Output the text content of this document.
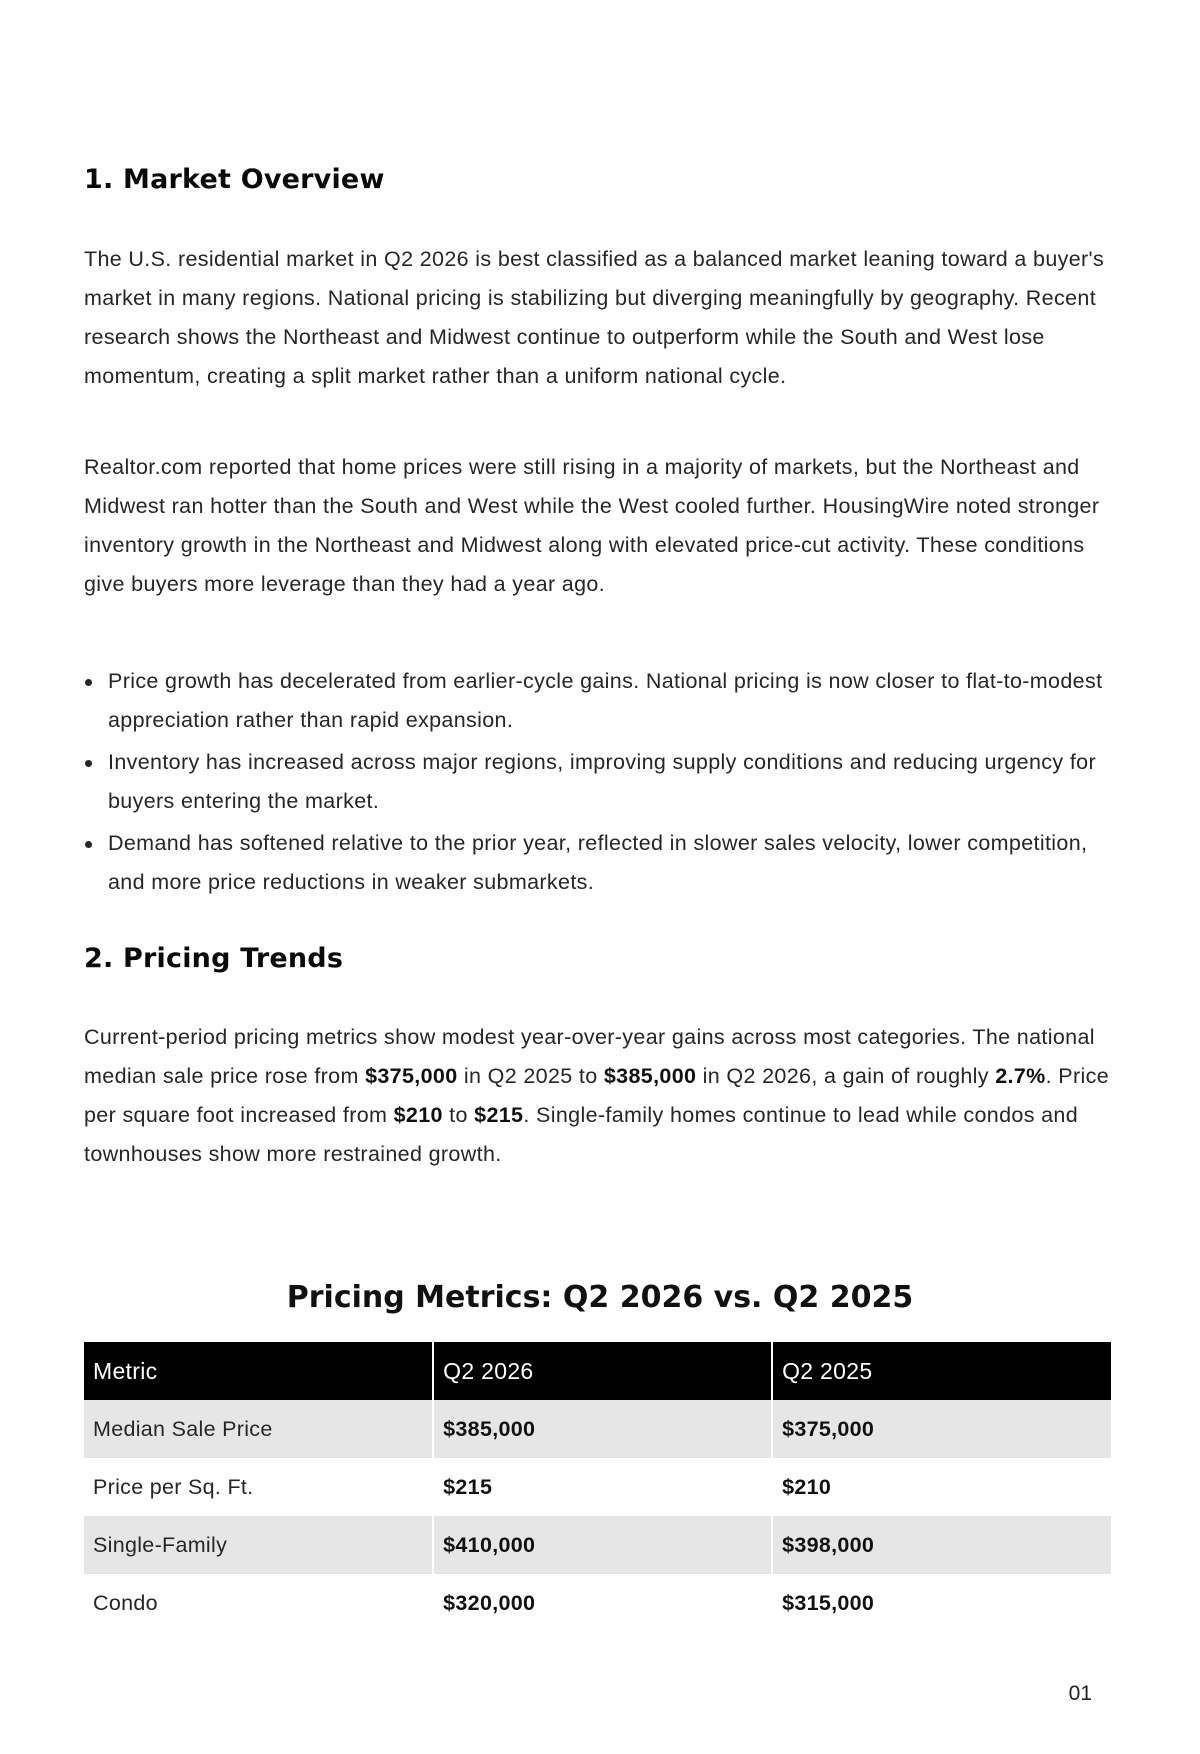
1. Market Overview

The U.S. residential market in Q2 2026 is best classified as a balanced market leaning toward a buyer's market in many regions. National pricing is stabilizing but diverging meaningfully by geography. Recent research shows the Northeast and Midwest continue to outperform while the South and West lose momentum, creating a split market rather than a uniform national cycle.

Realtor.com reported that home prices were still rising in a majority of markets, but the Northeast and Midwest ran hotter than the South and West while the West cooled further. HousingWire noted stronger inventory growth in the Northeast and Midwest along with elevated price-cut activity. These conditions give buyers more leverage than they had a year ago.

Price growth has decelerated from earlier-cycle gains. National pricing is now closer to flat-to-modest appreciation rather than rapid expansion.
Inventory has increased across major regions, improving supply conditions and reducing urgency for buyers entering the market.
Demand has softened relative to the prior year, reflected in slower sales velocity, lower competition, and more price reductions in weaker submarkets.
2. Pricing Trends

Current-period pricing metrics show modest year-over-year gains across most categories. The national median sale price rose from $375,000 in Q2 2025 to $385,000 in Q2 2026, a gain of roughly 2.7%. Price per square foot increased from $210 to $215. Single-family homes continue to lead while condos and townhouses show more restrained growth.

Pricing Metrics: Q2 2026 vs. Q2 2025
Metric	Q2 2026	Q2 2025
Median Sale Price	$385,000	$375,000
Price per Sq. Ft.	$215	$210
Single-Family	$410,000	$398,000
Condo	$320,000	$315,000
01
